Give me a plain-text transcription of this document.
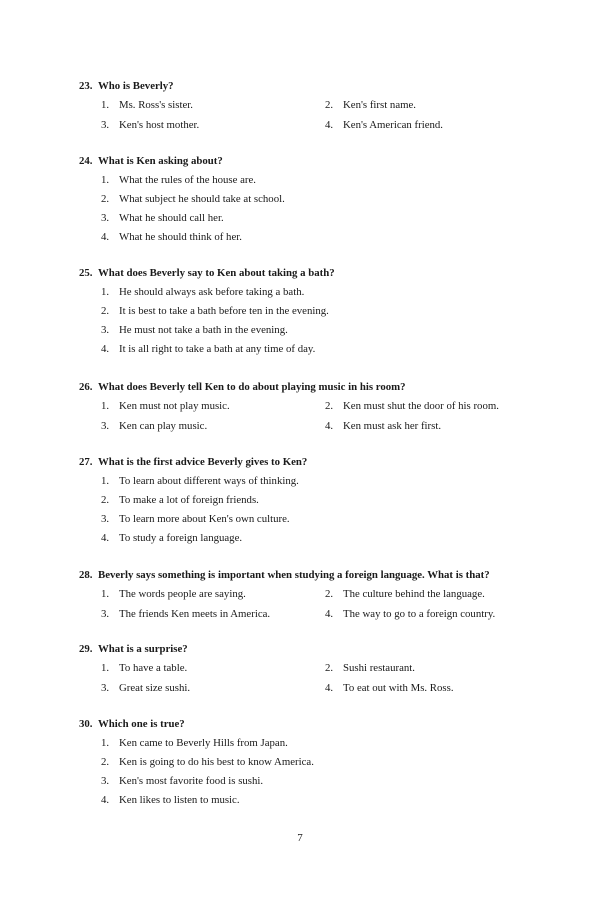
23. Who is Beverly?
1. Ms. Ross's sister.	2. Ken's first name.
3. Ken's host mother.	4. Ken's American friend.
24. What is Ken asking about?
1. What the rules of the house are.
2. What subject he should take at school.
3. What he should call her.
4. What he should think of her.
25. What does Beverly say to Ken about taking a bath?
1. He should always ask before taking a bath.
2. It is best to take a bath before ten in the evening.
3. He must not take a bath in the evening.
4. It is all right to take a bath at any time of day.
26. What does Beverly tell Ken to do about playing music in his room?
1. Ken must not play music.	2. Ken must shut the door of his room.
3. Ken can play music.	4. Ken must ask her first.
27. What is the first advice Beverly gives to Ken?
1. To learn about different ways of thinking.
2. To make a lot of foreign friends.
3. To learn more about Ken's own culture.
4. To study a foreign language.
28. Beverly says something is important when studying a foreign language. What is that?
1. The words people are saying.	2. The culture behind the language.
3. The friends Ken meets in America.	4. The way to go to a foreign country.
29. What is a surprise?
1. To have a table.	2. Sushi restaurant.
3. Great size sushi.	4. To eat out with Ms. Ross.
30. Which one is true?
1. Ken came to Beverly Hills from Japan.
2. Ken is going to do his best to know America.
3. Ken's most favorite food is sushi.
4. Ken likes to listen to music.
7
